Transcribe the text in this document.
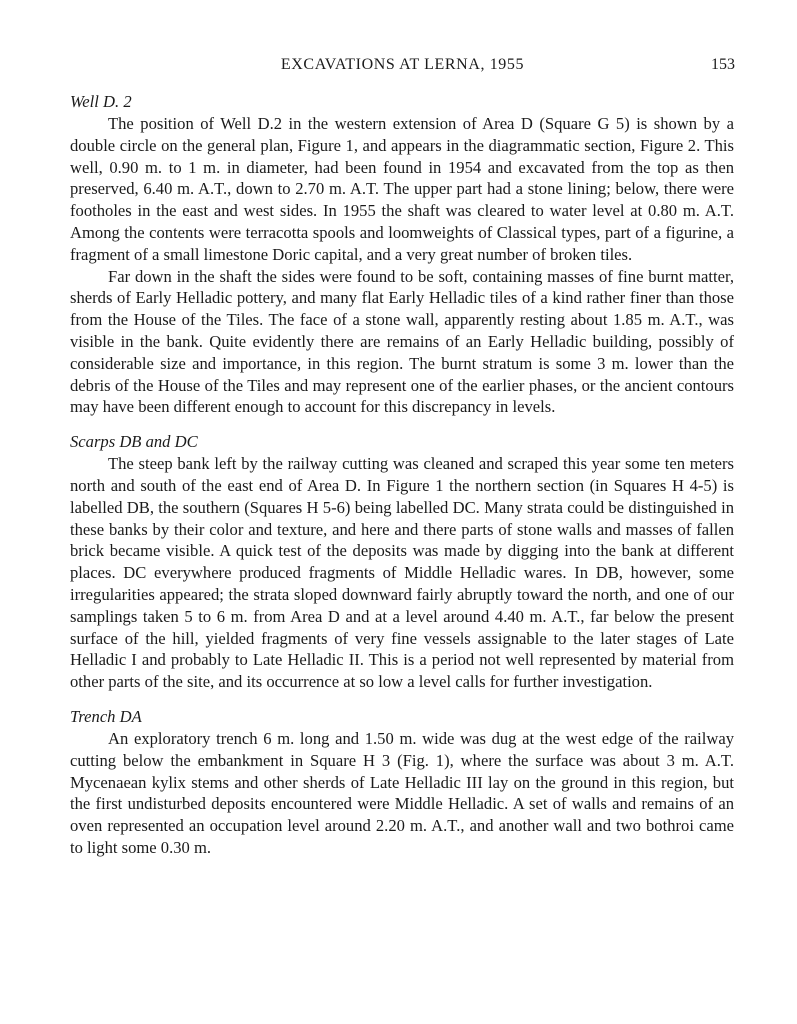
EXCAVATIONS AT LERNA, 1955	153
Well D. 2

The position of Well D.2 in the western extension of Area D (Square G 5) is shown by a double circle on the general plan, Figure 1, and appears in the diagrammatic section, Figure 2. This well, 0.90 m. to 1 m. in diameter, had been found in 1954 and excavated from the top as then preserved, 6.40 m. A.T., down to 2.70 m. A.T. The upper part had a stone lining; below, there were footholes in the east and west sides. In 1955 the shaft was cleared to water level at 0.80 m. A.T. Among the contents were terracotta spools and loomweights of Classical types, part of a figurine, a fragment of a small limestone Doric capital, and a very great number of broken tiles.

Far down in the shaft the sides were found to be soft, containing masses of fine burnt matter, sherds of Early Helladic pottery, and many flat Early Helladic tiles of a kind rather finer than those from the House of the Tiles. The face of a stone wall, apparently resting about 1.85 m. A.T., was visible in the bank. Quite evidently there are remains of an Early Helladic building, possibly of considerable size and importance, in this region. The burnt stratum is some 3 m. lower than the debris of the House of the Tiles and may represent one of the earlier phases, or the ancient contours may have been different enough to account for this discrepancy in levels.

Scarps DB and DC

The steep bank left by the railway cutting was cleaned and scraped this year some ten meters north and south of the east end of Area D. In Figure 1 the northern section (in Squares H 4-5) is labelled DB, the southern (Squares H 5-6) being labelled DC. Many strata could be distinguished in these banks by their color and texture, and here and there parts of stone walls and masses of fallen brick became visible. A quick test of the deposits was made by digging into the bank at different places. DC everywhere produced fragments of Middle Helladic wares. In DB, however, some irregularities appeared; the strata sloped downward fairly abruptly toward the north, and one of our samplings taken 5 to 6 m. from Area D and at a level around 4.40 m. A.T., far below the present surface of the hill, yielded fragments of very fine vessels assignable to the later stages of Late Helladic I and probably to Late Helladic II. This is a period not well represented by material from other parts of the site, and its occurrence at so low a level calls for further investigation.

Trench DA

An exploratory trench 6 m. long and 1.50 m. wide was dug at the west edge of the railway cutting below the embankment in Square H 3 (Fig. 1), where the surface was about 3 m. A.T. Mycenaean kylix stems and other sherds of Late Helladic III lay on the ground in this region, but the first undisturbed deposits encountered were Middle Helladic. A set of walls and remains of an oven represented an occupation level around 2.20 m. A.T., and another wall and two bothroi came to light some 0.30 m.
